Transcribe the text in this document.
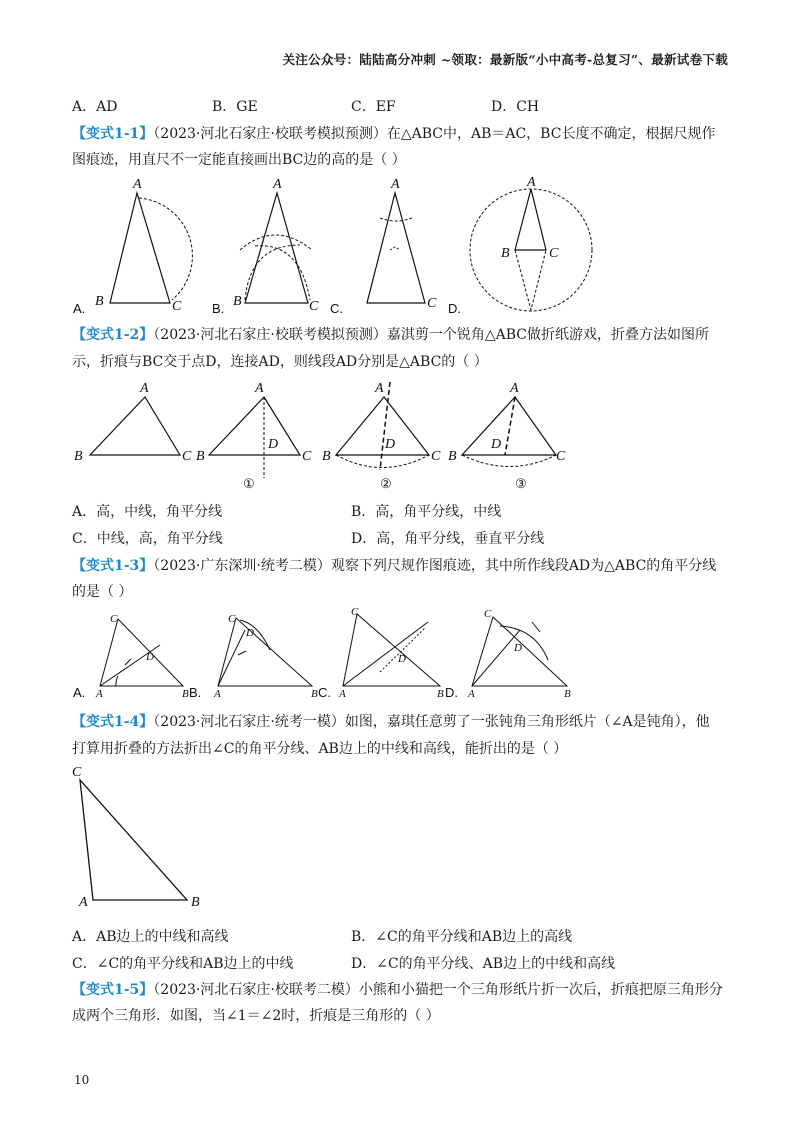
关注公众号：陆陆高分冲刺 ~领取：最新版“小中高考-总复习”、最新试卷下载
A．AD	B．GE	C．EF	D．CH
【变式1-1】（2023·河北石家庄·校联考模拟预测）在△ABC中，AB＝AC，BC长度不确定，根据尺规作
图痕迹，用直尺不一定能直接画出BC边的高的是（ ）
A
B	C
A
B	C
A
C
A
B	C
A.	B.	C.	D.
【变式1-2】（2023·河北石家庄·校联考模拟预测）嘉淇剪一个锐角△ABC做折纸游戏，折叠方法如图所
示，折痕与BC交于点D，连接AD，则线段AD分别是△ABC的（ ）
A
B	C
A
B	C
D
①
A
B	C
D
②
A
B	C
D
③
A．高，中线，角平分线	B．高，角平分线，中线
C．中线，高，角平分线	D．高，角平分线，垂直平分线
【变式1-3】（2023·广东深圳·统考二模）观察下列尺规作图痕迹，其中所作线段AD为△ABC的角平分线
的是（ ）
C
A	B
D
C
A	B
D
C
A	B
D
C
A	B
D
A.	B.	C.	D.
【变式1-4】（2023·河北石家庄·统考一模）如图，嘉琪任意剪了一张钝角三角形纸片（∠A是钝角），他
打算用折叠的方法折出∠C的角平分线、AB边上的中线和高线，能折出的是（ ）
C
A	B
A．AB边上的中线和高线	B．∠C的角平分线和AB边上的高线
C．∠C的角平分线和AB边上的中线	D．∠C的角平分线、AB边上的中线和高线
【变式1-5】（2023·河北石家庄·校联考二模）小熊和小猫把一个三角形纸片折一次后，折痕把原三角形分
成两个三角形．如图，当∠1＝∠2时，折痕是三角形的（ ）
10
